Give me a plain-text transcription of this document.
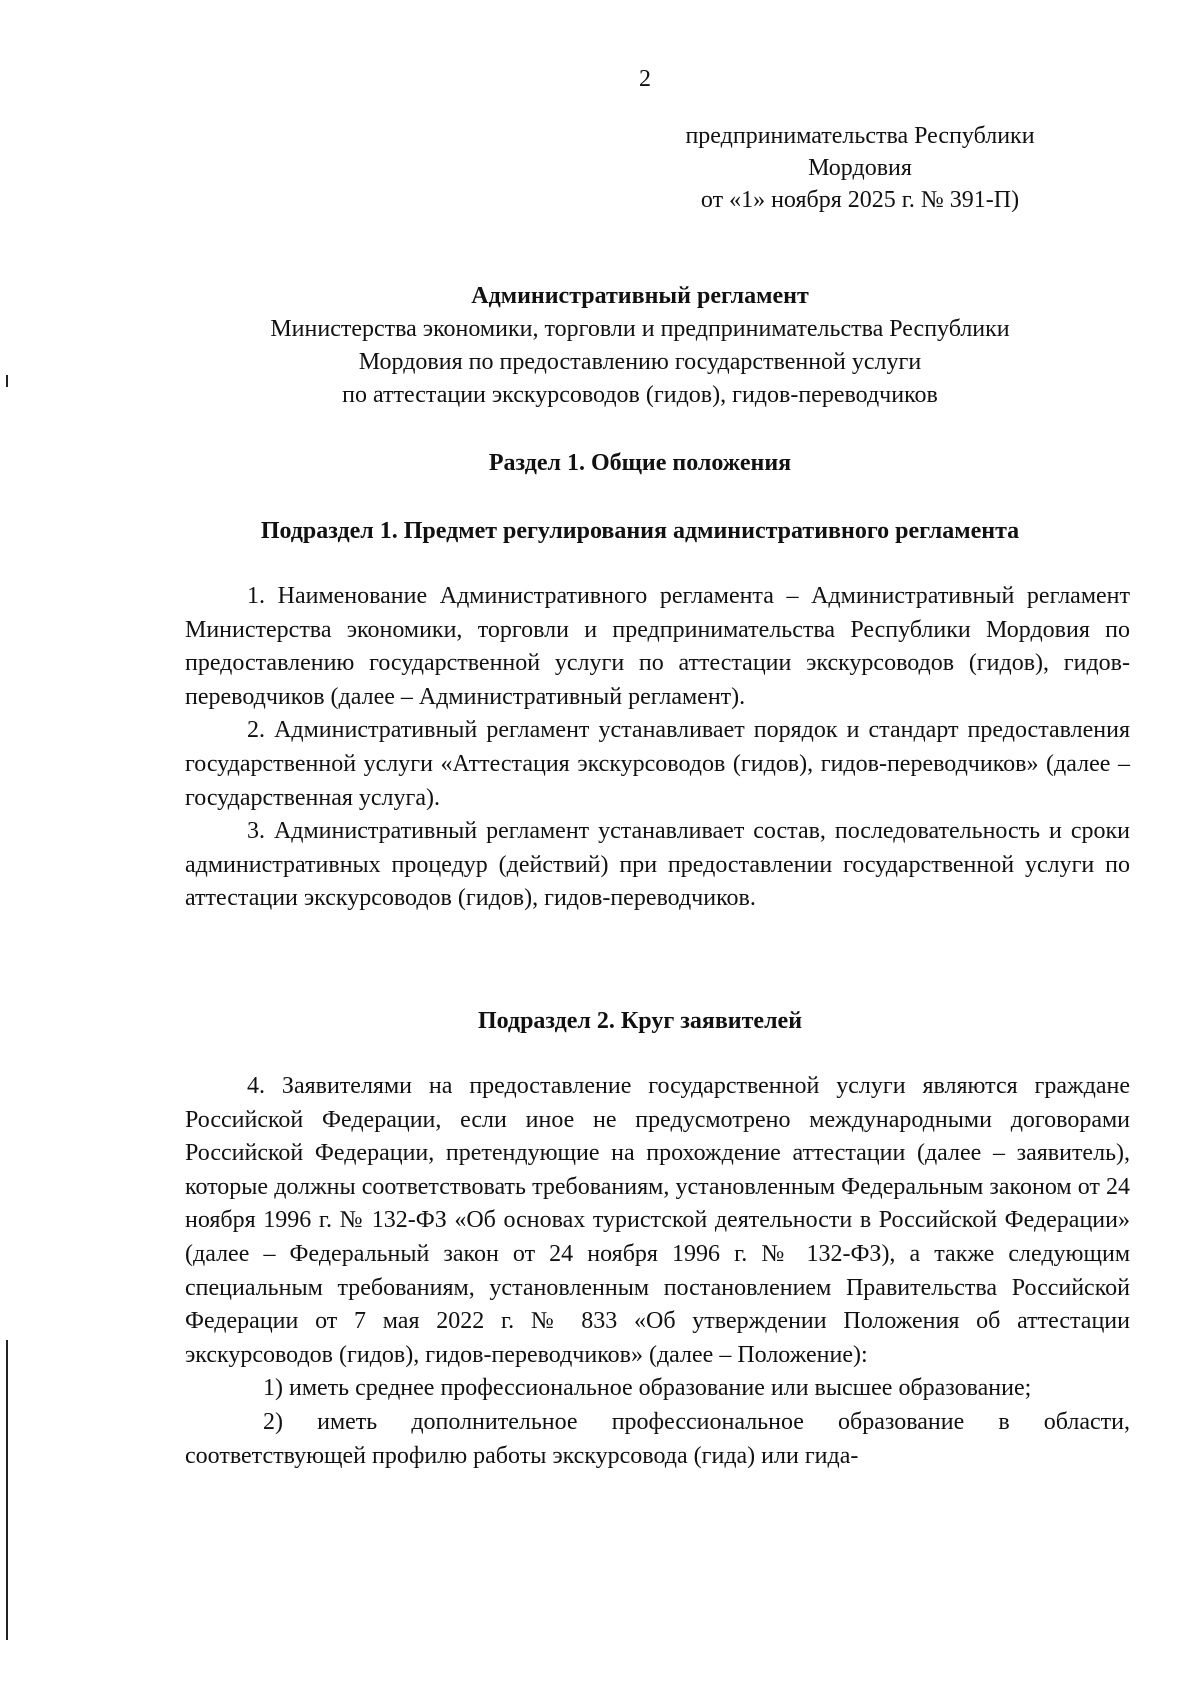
2
предпринимательства Республики
Мордовия
от «1» ноября 2025 г. № 391-П)
Административный регламент
Министерства экономики, торговли и предпринимательства Республики
Мордовия по предоставлению государственной услуги
по аттестации экскурсоводов (гидов), гидов-переводчиков
Раздел 1. Общие положения
Подраздел 1. Предмет регулирования административного регламента

1. Наименование Административного регламента – Административный регламент Министерства экономики, торговли и предпринимательства Республики Мордовия по предоставлению государственной услуги по аттестации экскурсоводов (гидов), гидов-переводчиков (далее – Административный регламент).

2. Административный регламент устанавливает порядок и стандарт предоставления государственной услуги «Аттестация экскурсоводов (гидов), гидов-переводчиков» (далее – государственная услуга).

3. Административный регламент устанавливает состав, последовательность и сроки административных процедур (действий) при предоставлении государственной услуги по аттестации экскурсоводов (гидов), гидов-переводчиков.

Подраздел 2. Круг заявителей

4. Заявителями на предоставление государственной услуги являются граждане Российской Федерации, если иное не предусмотрено международными договорами Российской Федерации, претендующие на прохождение аттестации (далее – заявитель), которые должны соответствовать требованиям, установленным Федеральным законом от 24 ноября 1996 г. № 132-ФЗ «Об основах туристской деятельности в Российской Федерации» (далее – Федеральный закон от 24 ноября 1996 г. № 132-ФЗ), а также следующим специальным требованиям, установленным постановлением Правительства Российской Федерации от 7 мая 2022 г. № 833 «Об утверждении Положения об аттестации экскурсоводов (гидов), гидов-переводчиков» (далее – Положение):

1) иметь среднее профессиональное образование или высшее образование;

2) иметь дополнительное профессиональное образование в области, соответствующей профилю работы экскурсовода (гида) или гида-
